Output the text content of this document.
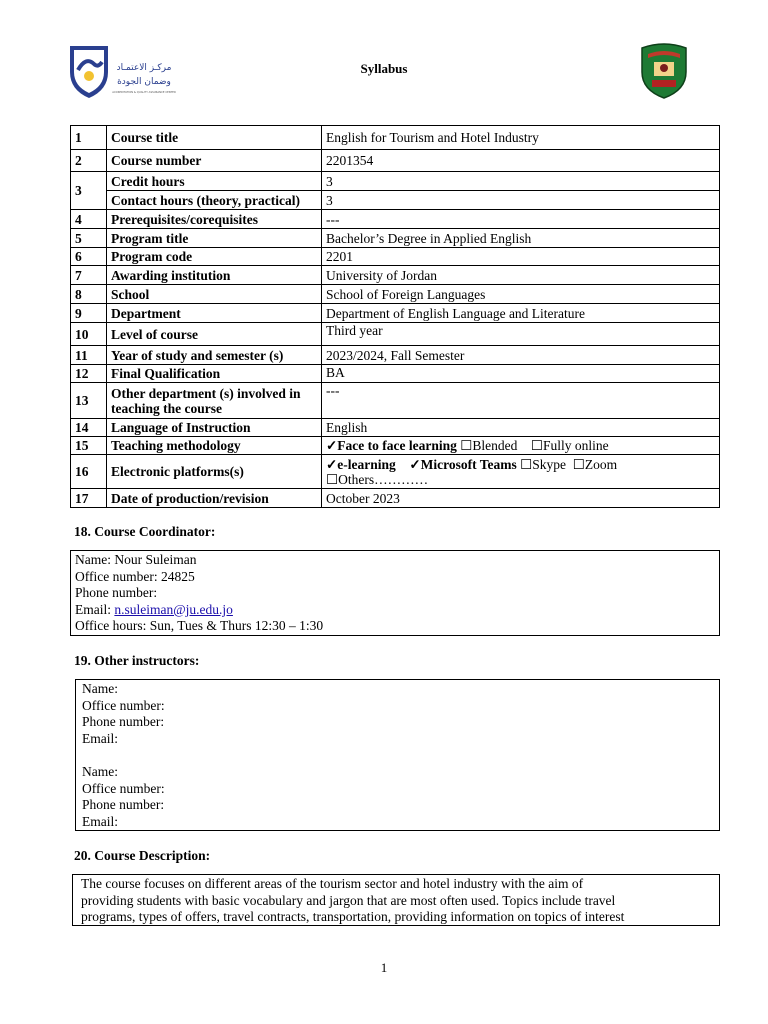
مركـز الاعتمـاد
وضمان الجودة
ACCREDITATION & QUALITY ASSURANCE CENTER
Syllabus
1	Course title	English for Tourism and Hotel Industry
2	Course number	2201354
3	Credit hours	3
	Contact hours (theory, practical)	3
4	Prerequisites/corequisites	---
5	Program title	Bachelor’s Degree in Applied English
6	Program code	2201
7	Awarding institution	University of Jordan
8	School	School of Foreign Languages
9	Department	Department of English Language and Literature
10	Level of course	Third year
11	Year of study and semester (s)	2023/2024, Fall Semester
12	Final Qualification	BA
13	Other department (s) involved in teaching the course	---
14	Language of Instruction	English
15	Teaching methodology	✓Face to face learning ☐Blended ☐Fully online
16	Electronic platforms(s)	✓e-learning ✓Microsoft Teams ☐Skype ☐Zoom
☐Others…………
17	Date of production/revision	October 2023
18. Course Coordinator:
Name: Nour Suleiman
Office number: 24825
Phone number:
Email: n.suleiman@ju.edu.jo
Office hours: Sun, Tues & Thurs 12:30 – 1:30
19. Other instructors:
Name:
Office number:
Phone number:
Email:
Name:
Office number:
Phone number:
Email:
20. Course Description:
The course focuses on different areas of the tourism sector and hotel industry with the aim of
providing students with basic vocabulary and jargon that are most often used. Topics include travel
programs, types of offers, travel contracts, transportation, providing information on topics of interest
1
